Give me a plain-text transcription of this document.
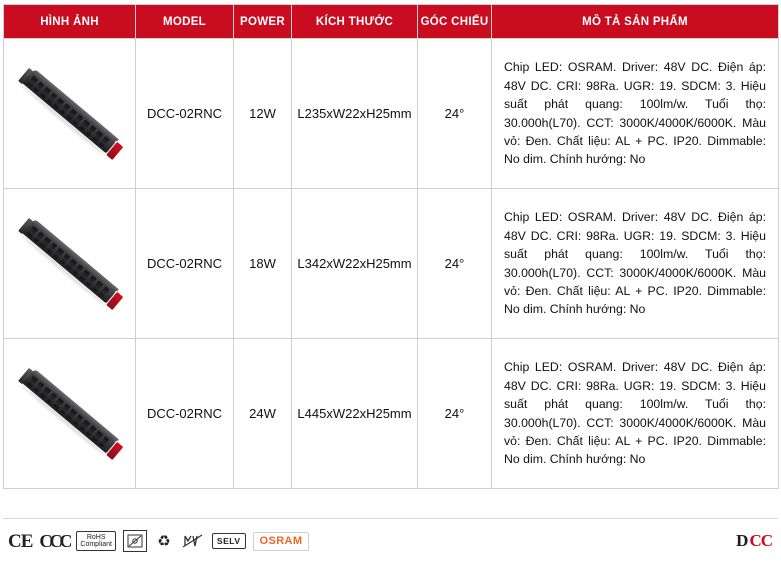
HÌNH ẢNH	MODEL	POWER	KÍCH THƯỚC	GÓC CHIẾU	MÔ TẢ SẢN PHẨM

	DCC-02RNC	12W	L235xW22xH25mm	24°	Chip LED: OSRAM. Driver: 48V DC. Điện áp: 48V DC. CRI: 98Ra. UGR: 19. SDCM: 3. Hiệu suất phát quang: 100lm/w. Tuổi thọ: 30.000h(L70). CCT: 3000K/4000K/6000K. Màu vỏ: Đen. Chất liệu: AL + PC. IP20. Dimmable: No dim. Chính hướng: No

	DCC-02RNC	18W	L342xW22xH25mm	24°	Chip LED: OSRAM. Driver: 48V DC. Điện áp: 48V DC. CRI: 98Ra. UGR: 19. SDCM: 3. Hiệu suất phát quang: 100lm/w. Tuổi thọ: 30.000h(L70). CCT: 3000K/4000K/6000K. Màu vỏ: Đen. Chất liệu: AL + PC. IP20. Dimmable: No dim. Chính hướng: No

	DCC-02RNC	24W	L445xW22xH25mm	24°	Chip LED: OSRAM. Driver: 48V DC. Điện áp: 48V DC. CRI: 98Ra. UGR: 19. SDCM: 3. Hiệu suất phát quang: 100lm/w. Tuổi thọ: 30.000h(L70). CCT: 3000K/4000K/6000K. Màu vỏ: Đen. Chất liệu: AL + PC. IP20. Dimmable: No dim. Chính hướng: No
CE CCC	RoHS
Compliant	♻	SELV	OSRAM	D CC
